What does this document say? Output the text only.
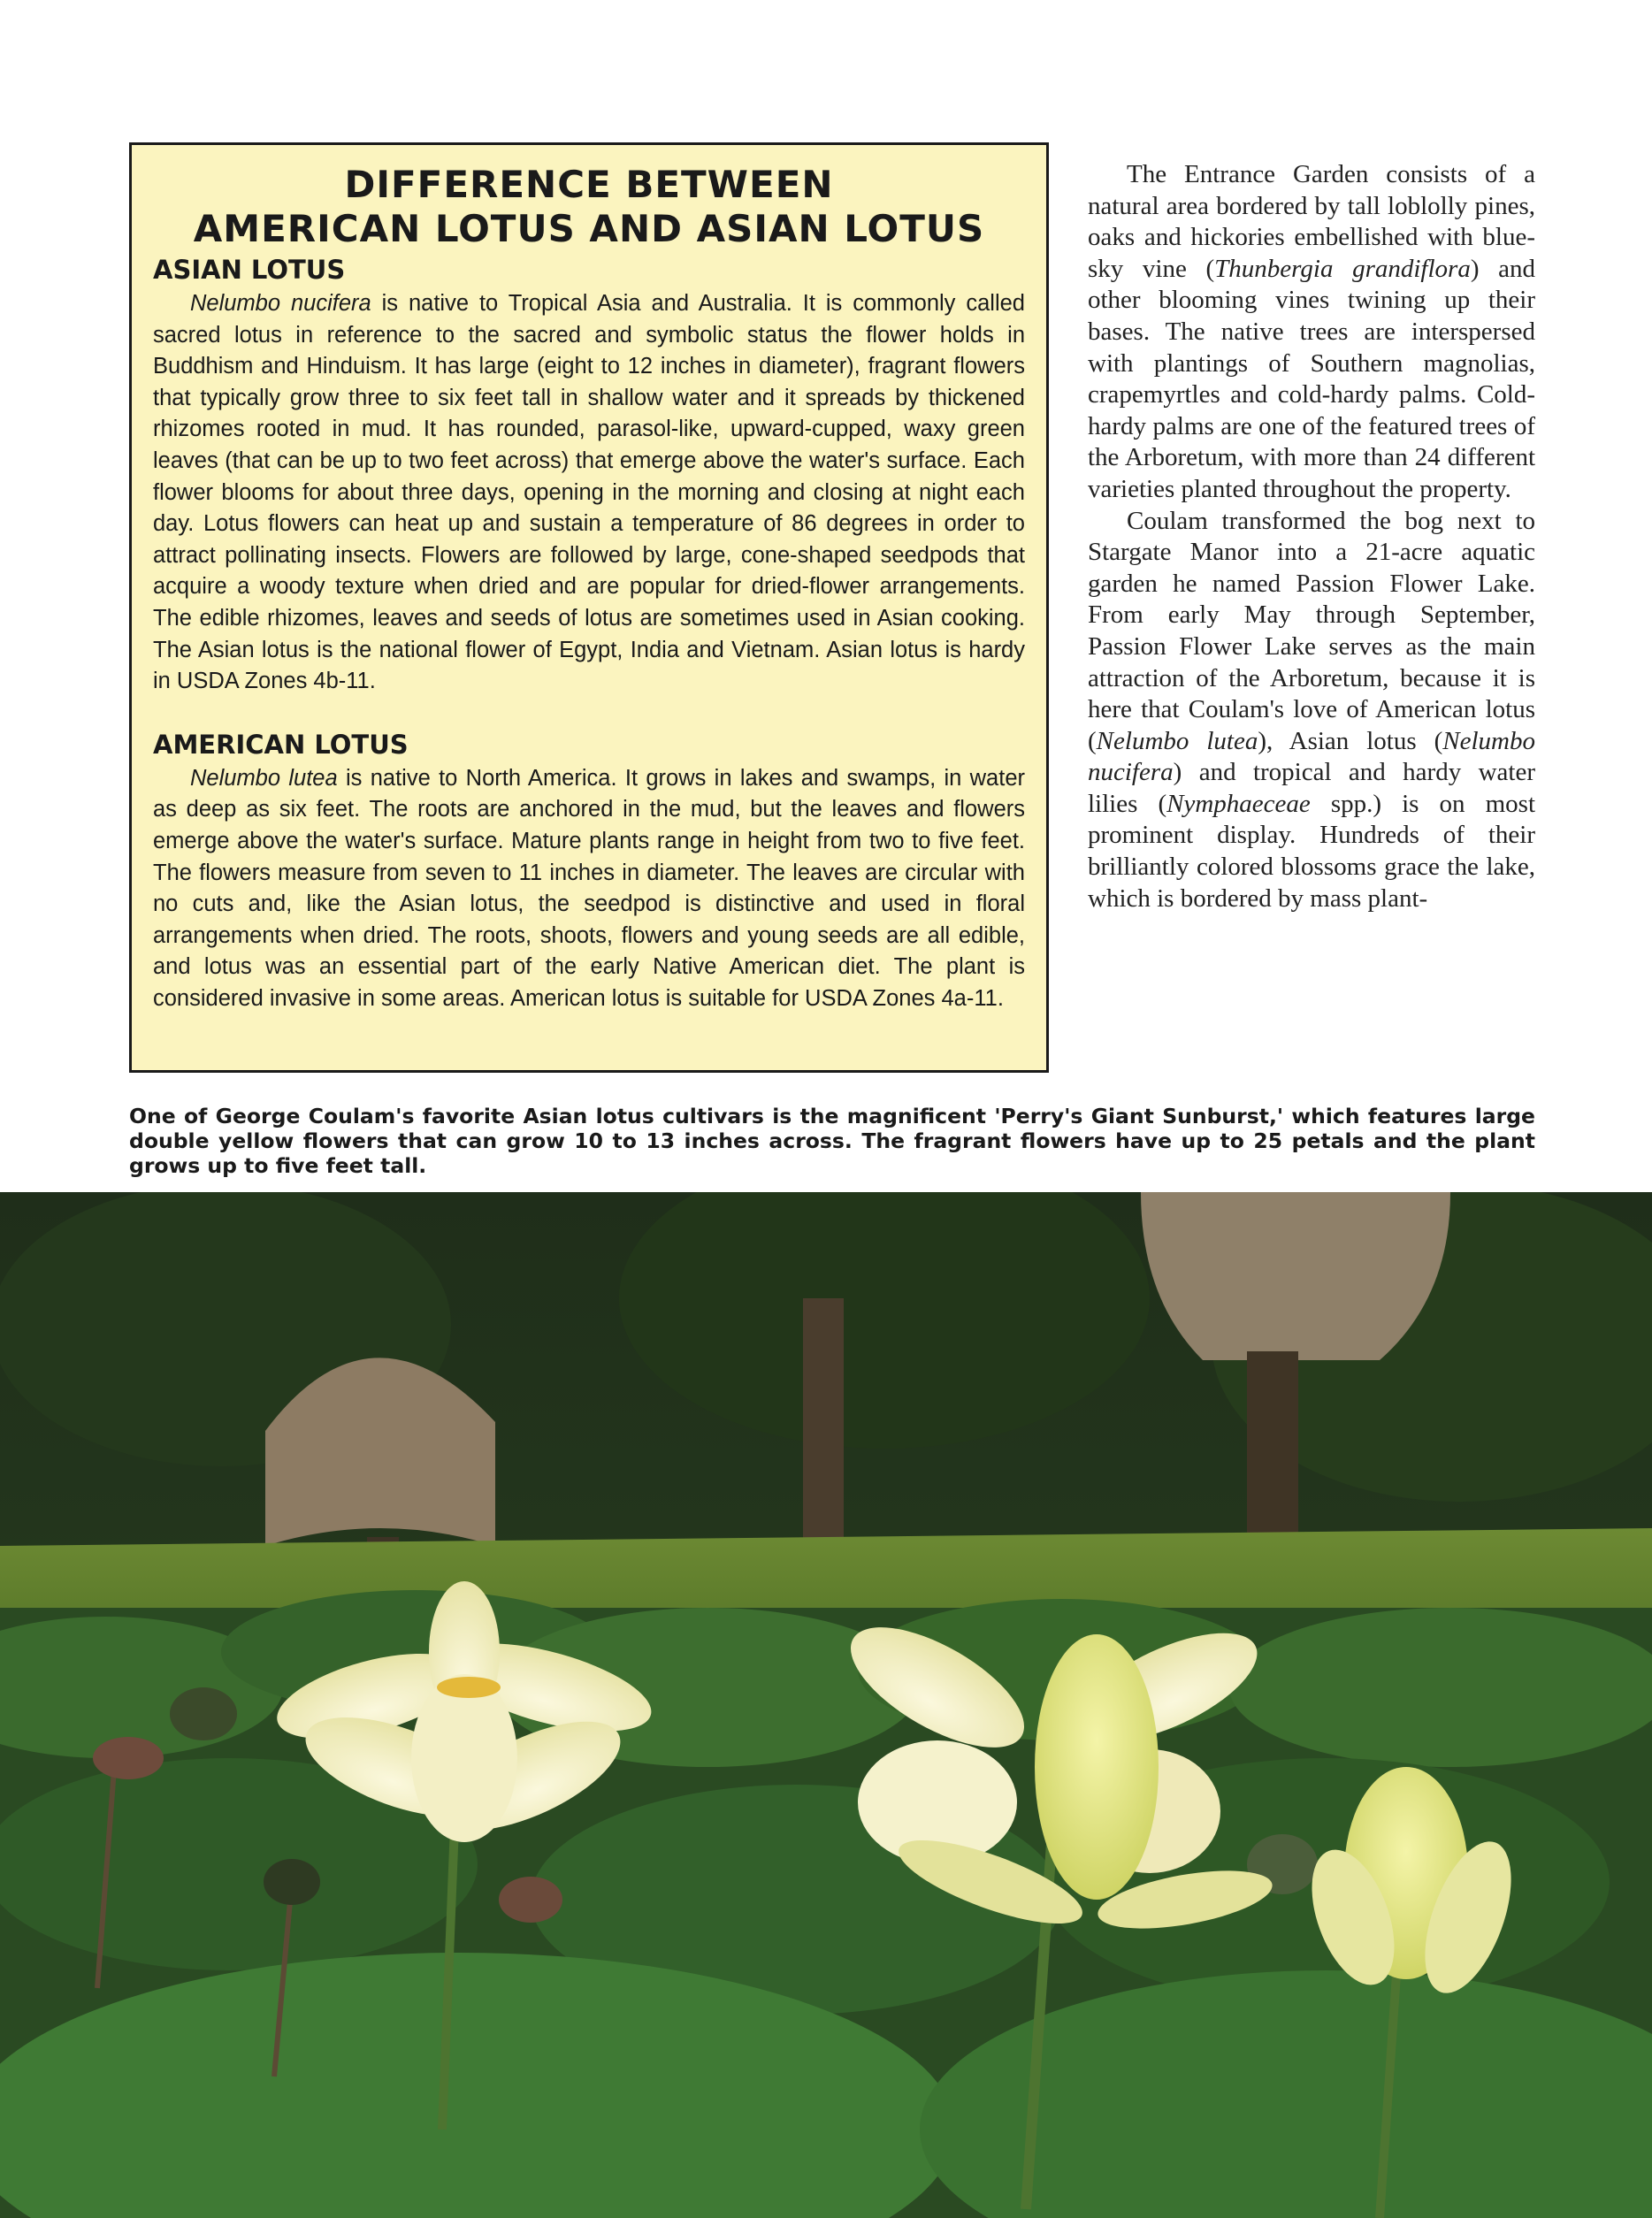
DIFFERENCE BETWEEN
AMERICAN LOTUS AND ASIAN LOTUS
ASIAN LOTUS

Nelumbo nucifera is native to Tropical Asia and Australia. It is commonly called sacred lotus in reference to the sacred and symbolic status the flower holds in Buddhism and Hinduism. It has large (eight to 12 inches in diameter), fragrant flowers that typically grow three to six feet tall in shallow water and it spreads by thickened rhizomes rooted in mud. It has rounded, parasol-like, upward-cupped, waxy green leaves (that can be up to two feet across) that emerge above the water's surface. Each flower blooms for about three days, opening in the morning and closing at night each day. Lotus flowers can heat up and sustain a temperature of 86 degrees in order to attract pollinating insects. Flowers are followed by large, cone-shaped seedpods that acquire a woody texture when dried and are popular for dried-flower arrangements. The edible rhizomes, leaves and seeds of lotus are sometimes used in Asian cooking. The Asian lotus is the national flower of Egypt, India and Vietnam. Asian lotus is hardy in USDA Zones 4b-11.

AMERICAN LOTUS

Nelumbo lutea is native to North America. It grows in lakes and swamps, in water as deep as six feet. The roots are anchored in the mud, but the leaves and flowers emerge above the water's surface. Mature plants range in height from two to five feet. The flowers measure from seven to 11 inches in diameter. The leaves are circular with no cuts and, like the Asian lotus, the seedpod is distinctive and used in floral arrangements when dried. The roots, shoots, flowers and young seeds are all edible, and lotus was an essential part of the early Native American diet. The plant is considered invasive in some areas. American lotus is suitable for USDA Zones 4a-11.

The Entrance Garden consists of a natural area bordered by tall loblolly pines, oaks and hickories embellished with blue-sky vine (Thunbergia grandiflora) and other blooming vines twining up their bases. The native trees are interspersed with plantings of Southern magnolias, crapemyrtles and cold-hardy palms. Cold-hardy palms are one of the featured trees of the Arboretum, with more than 24 different varieties planted throughout the property.

Coulam transformed the bog next to Stargate Manor into a 21-acre aquatic garden he named Passion Flower Lake. From early May through September, Passion Flower Lake serves as the main attraction of the Arboretum, because it is here that Coulam's love of American lotus (Nelumbo lutea), Asian lotus (Nelumbo nucifera) and tropical and hardy water lilies (Nymphaeceae spp.) is on most prominent display. Hundreds of their brilliantly colored blossoms grace the lake, which is bordered by mass plant-

One of George Coulam's favorite Asian lotus cultivars is the magnificent 'Perry's Giant Sunburst,' which features large double yellow flowers that can grow 10 to 13 inches across. The fragrant flowers have up to 25 petals and the plant grows up to five feet tall.
